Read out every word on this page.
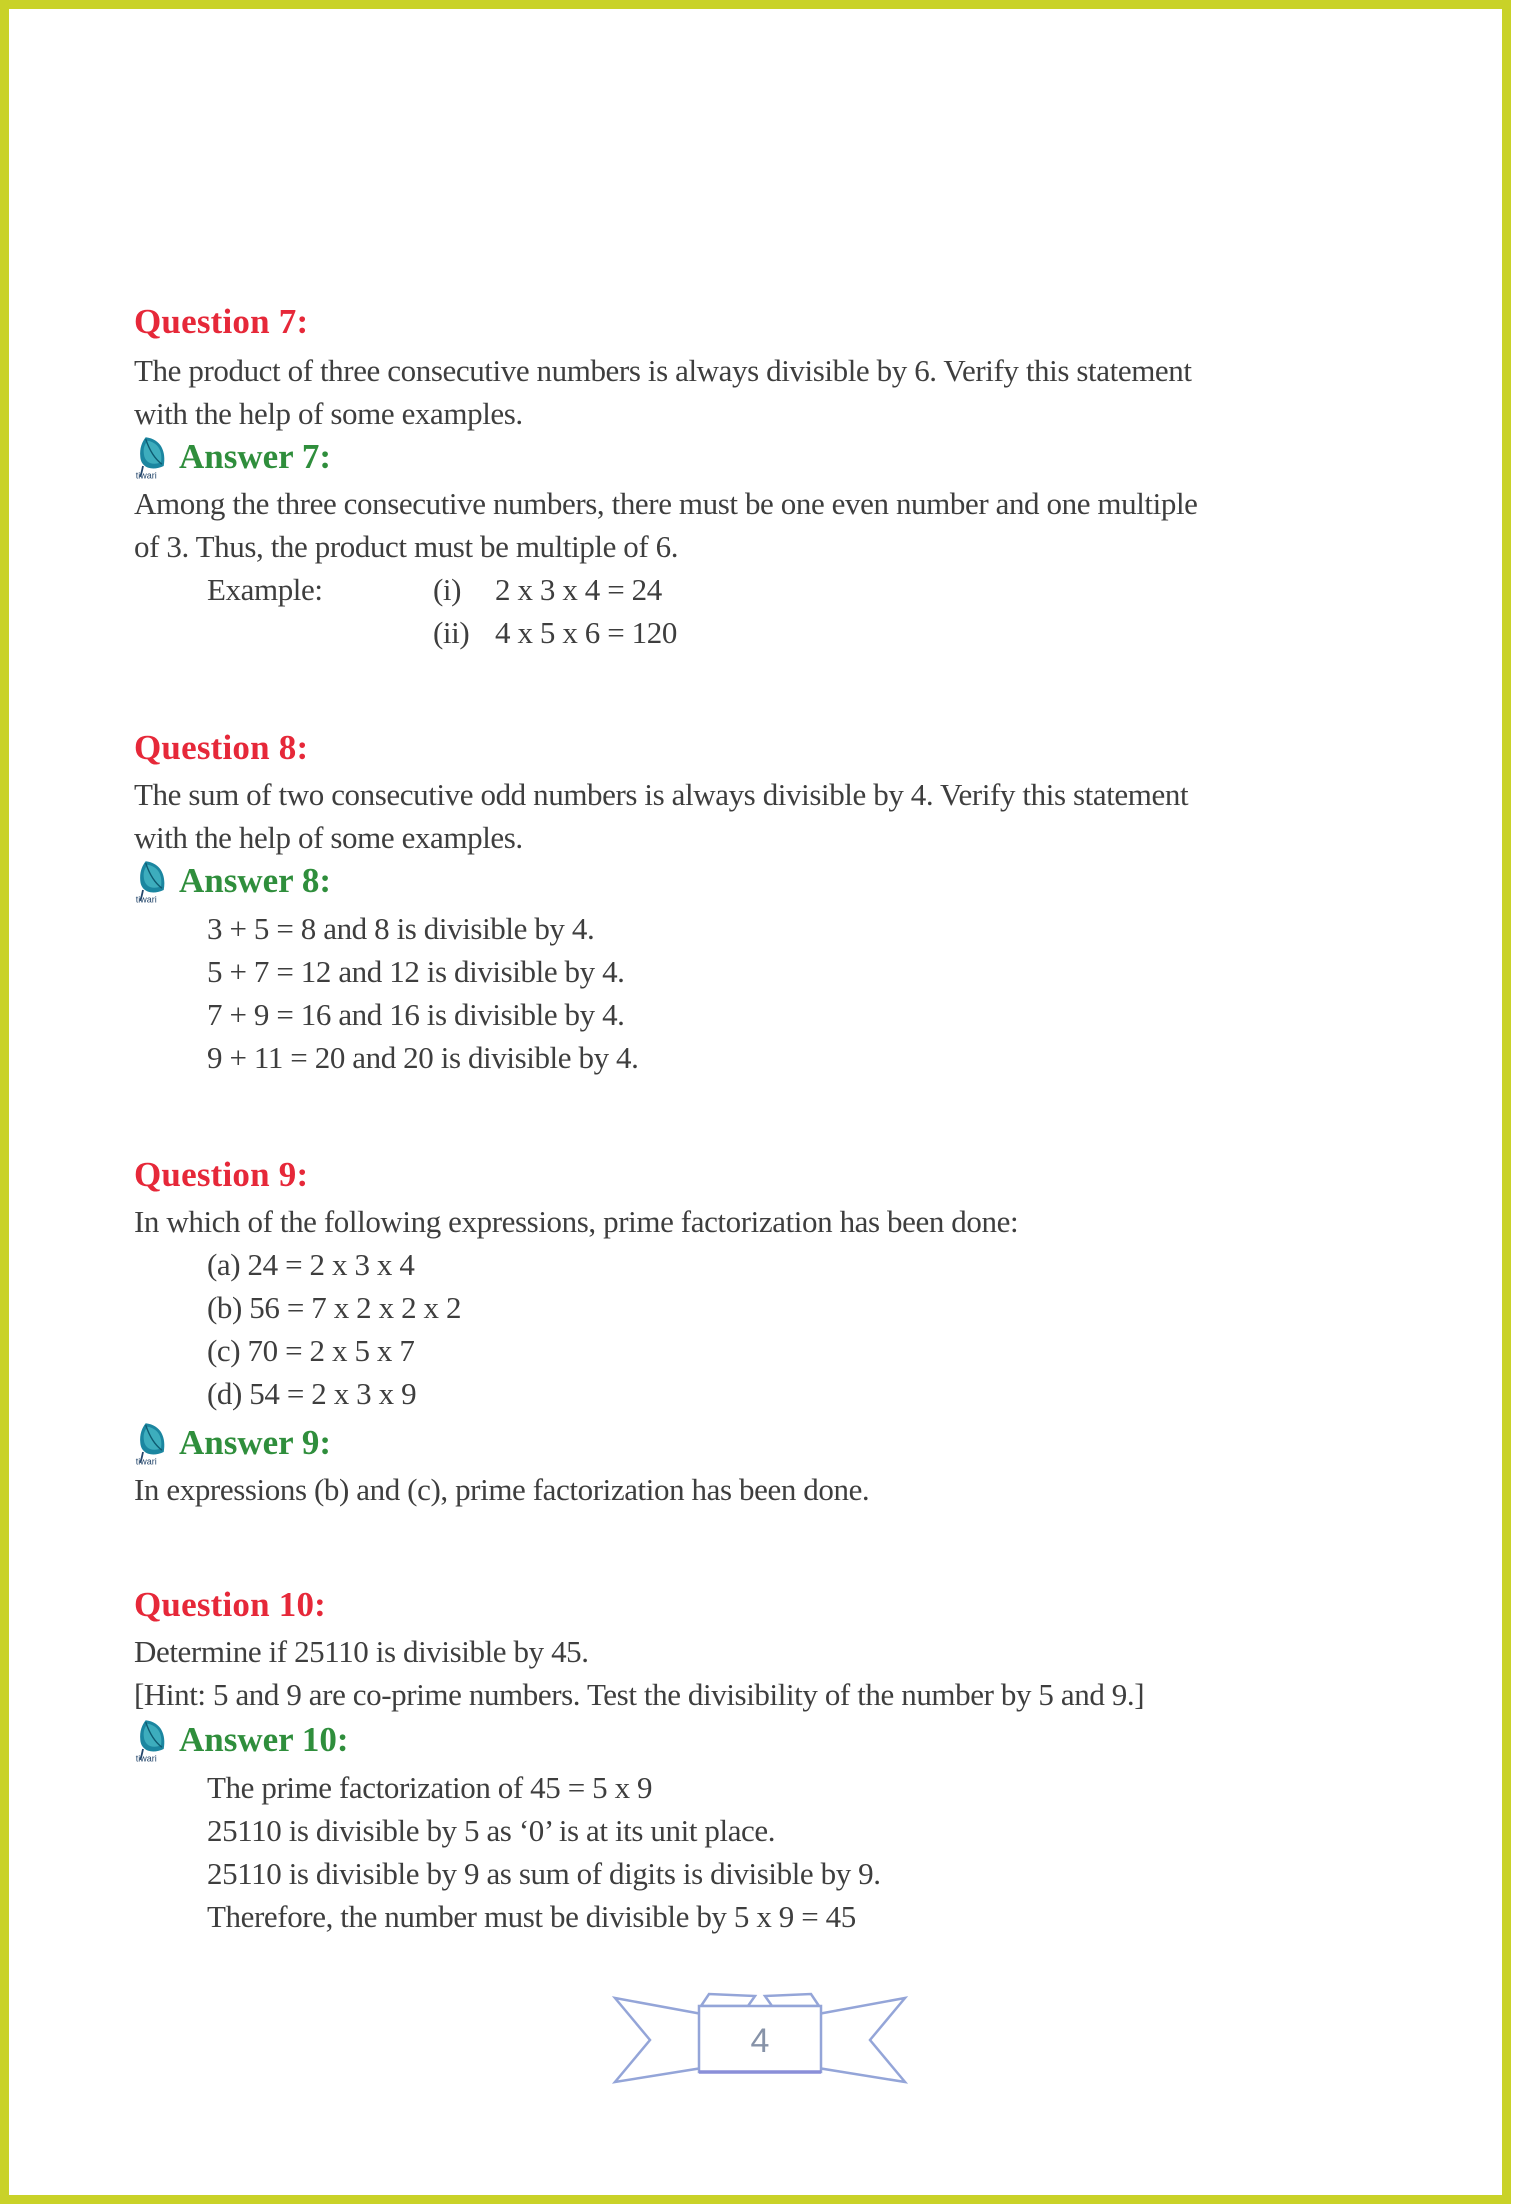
Question 7:
The product of three consecutive numbers is always divisible by 6. Verify this statement
with the help of some examples.
tiwari Answer 7:
Among the three consecutive numbers, there must be one even number and one multiple
of 3. Thus, the product must be multiple of 6.
Example:	(i)	2 x 3 x 4 = 24
(ii) 4 x 5 x 6 = 120
Question 8:
The sum of two consecutive odd numbers is always divisible by 4. Verify this statement
with the help of some examples.
tiwari Answer 8:
3 + 5 = 8 and 8 is divisible by 4.
5 + 7 = 12 and 12 is divisible by 4.
7 + 9 = 16 and 16 is divisible by 4.
9 + 11 = 20 and 20 is divisible by 4.
Question 9:
In which of the following expressions, prime factorization has been done:
(a) 24 = 2 x 3 x 4
(b) 56 = 7 x 2 x 2 x 2
(c) 70 = 2 x 5 x 7
(d) 54 = 2 x 3 x 9
tiwari Answer 9:
In expressions (b) and (c), prime factorization has been done.
Question 10:
Determine if 25110 is divisible by 45.
[Hint: 5 and 9 are co-prime numbers. Test the divisibility of the number by 5 and 9.]
tiwari Answer 10:
The prime factorization of 45 = 5 x 9
25110 is divisible by 5 as ‘0’ is at its unit place.
25110 is divisible by 9 as sum of digits is divisible by 9.
Therefore, the number must be divisible by 5 x 9 = 45
4
